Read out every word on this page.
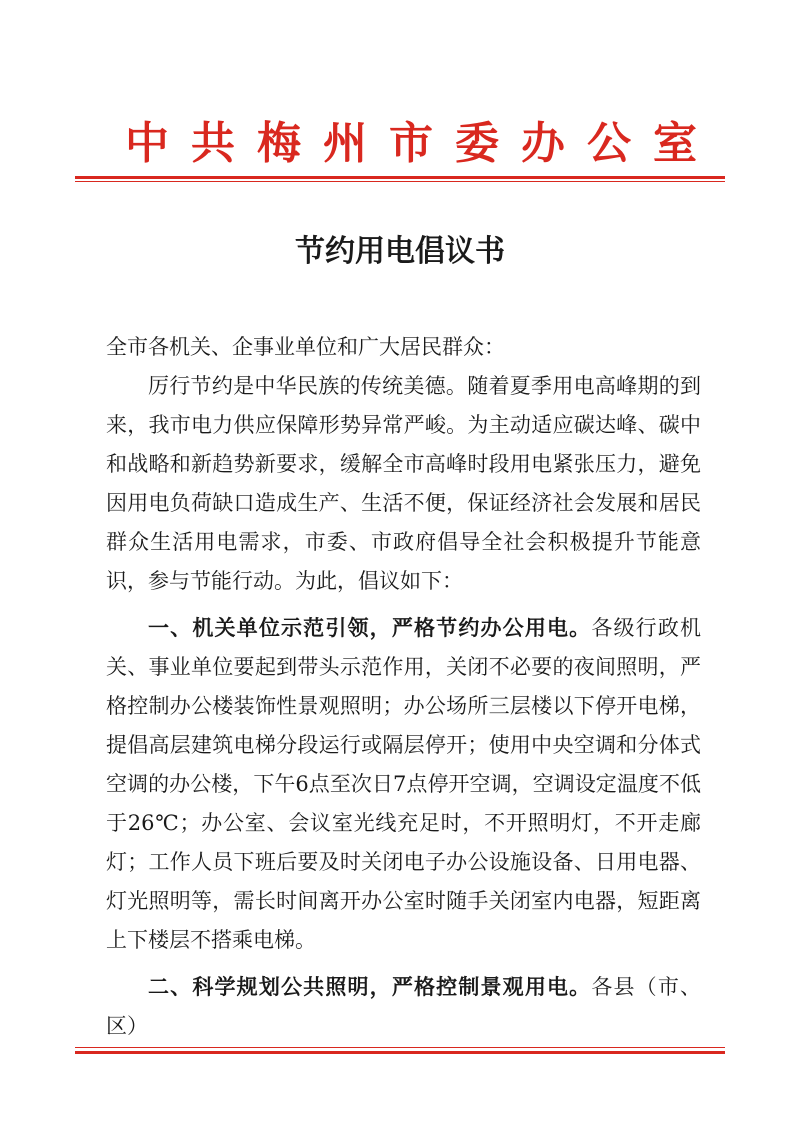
中共梅州市委办公室
节约用电倡议书

全市各机关、企事业单位和广大居民群众：

厉行节约是中华民族的传统美德。随着夏季用电高峰期的到来，我市电力供应保障形势异常严峻。为主动适应碳达峰、碳中和战略和新趋势新要求，缓解全市高峰时段用电紧张压力，避免因用电负荷缺口造成生产、生活不便，保证经济社会发展和居民群众生活用电需求，市委、市政府倡导全社会积极提升节能意识，参与节能行动。为此，倡议如下：

一、机关单位示范引领，严格节约办公用电。各级行政机关、事业单位要起到带头示范作用，关闭不必要的夜间照明，严格控制办公楼装饰性景观照明；办公场所三层楼以下停开电梯，提倡高层建筑电梯分段运行或隔层停开；使用中央空调和分体式空调的办公楼，下午6点至次日7点停开空调，空调设定温度不低于26℃；办公室、会议室光线充足时，不开照明灯，不开走廊灯；工作人员下班后要及时关闭电子办公设施设备、日用电器、灯光照明等，需长时间离开办公室时随手关闭室内电器，短距离上下楼层不搭乘电梯。

二、科学规划公共照明，严格控制景观用电。各县（市、区）
